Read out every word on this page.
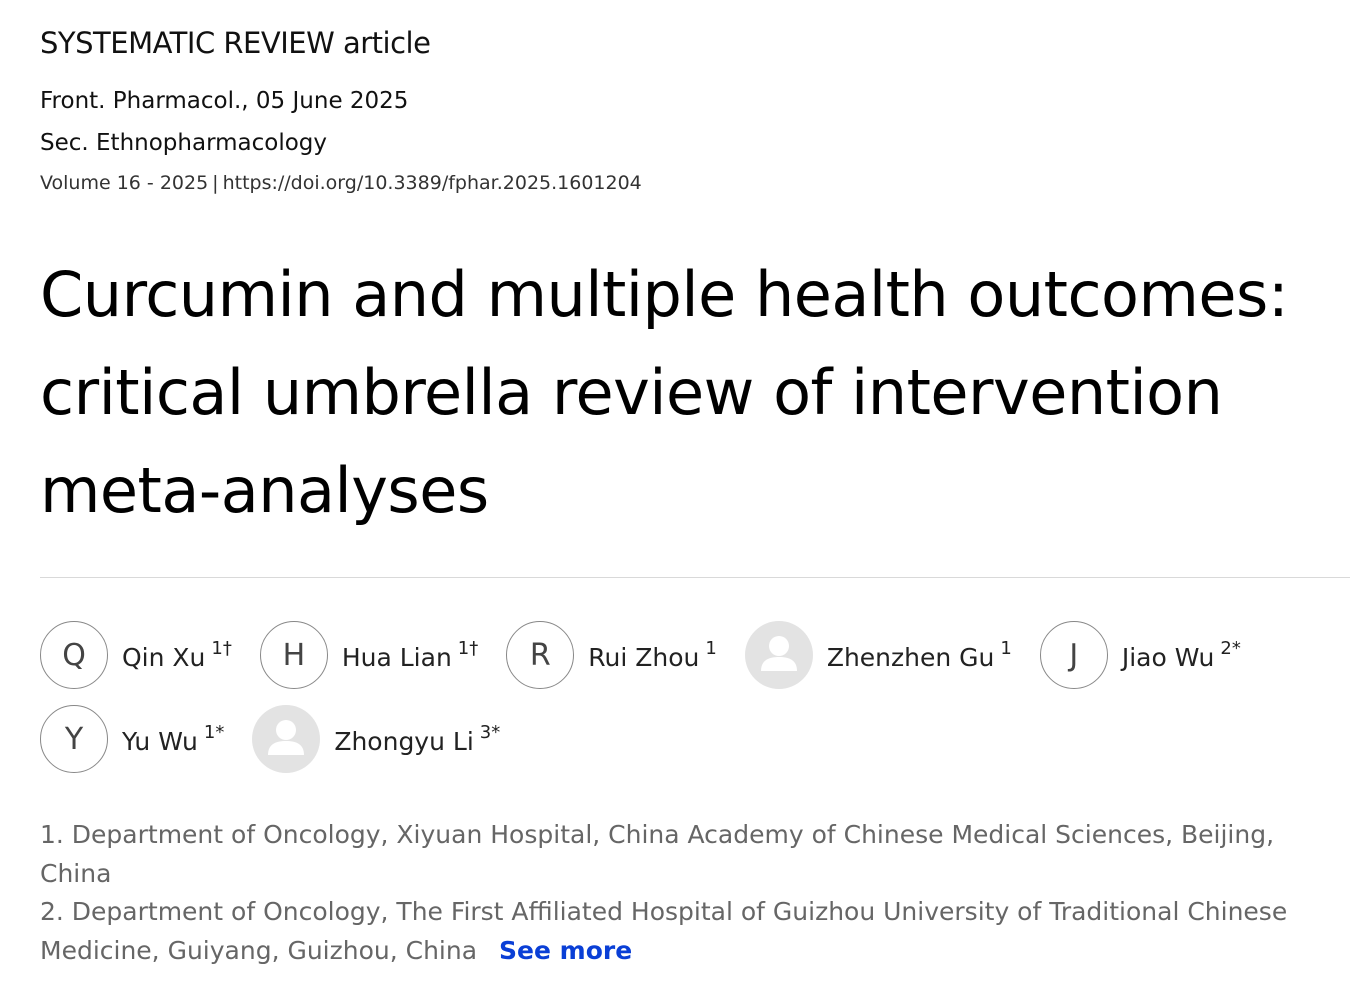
SYSTEMATIC REVIEW article
Front. Pharmacol., 05 June 2025
Sec. Ethnopharmacology
Volume 16 - 2025 | https://doi.org/10.3389/fphar.2025.1601204
Curcumin and multiple health outcomes: critical umbrella review of intervention meta-analyses
Q	Qin Xu $^{1\dagger}$	H	Hua Lian $^{1\dagger}$	R	Rui Zhou $^1$	Zhenzhen Gu $^1$	J	Jiao Wu $^{2*}$
Y	Yu Wu $^{1*}$	Zhongyu Li $^{3*}$

1. Department of Oncology, Xiyuan Hospital, China Academy of Chinese Medical Sciences, Beijing, China

2. Department of Oncology, The First Affiliated Hospital of Guizhou University of Traditional Chinese Medicine, Guiyang, Guizhou, China See more
